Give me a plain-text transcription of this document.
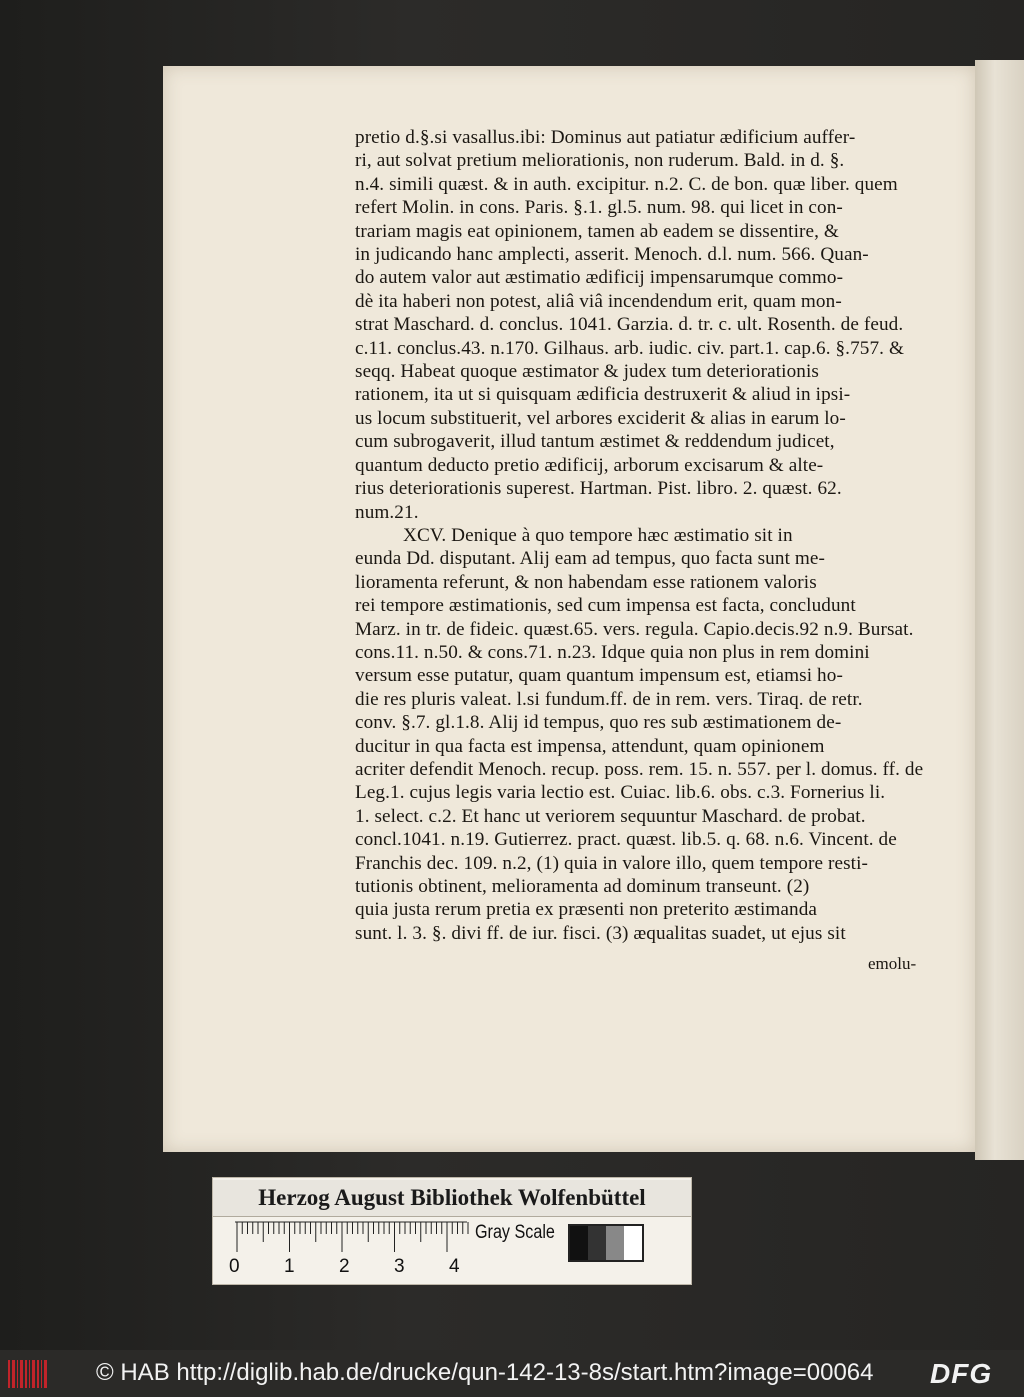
pretio d.§.si vasallus.ibi: Dominus aut patiatur ædificium auffer-
ri, aut solvat pretium meliorationis, non ruderum. Bald. in d. §.
n.4. simili quæst. & in auth. excipitur. n.2. C. de bon. quæ liber. quem
refert Molin. in cons. Paris. §.1. gl.5. num. 98. qui licet in con-
trariam magis eat opinionem, tamen ab eadem se dissentire, &
in judicando hanc amplecti, asserit. Menoch. d.l. num. 566. Quan-
do autem valor aut æstimatio ædificij impensarumque commo-
dè ita haberi non potest, aliâ viâ incendendum erit, quam mon-
strat Maschard. d. conclus. 1041. Garzia. d. tr. c. ult. Rosenth. de feud.
c.11. conclus.43. n.170. Gilhaus. arb. iudic. civ. part.1. cap.6. §.757. &
seqq. Habeat quoque æstimator & judex tum deteriorationis
rationem, ita ut si quisquam ædificia destruxerit & aliud in ipsi-
us locum substituerit, vel arbores exciderit & alias in earum lo-
cum subrogaverit, illud tantum æstimet & reddendum judicet,
quantum deducto pretio ædificij, arborum excisarum & alte-
rius deteriorationis superest. Hartman. Pist. libro. 2. quæst. 62.
num.21.
XCV. Denique à quo tempore hæc æstimatio sit in
eunda Dd. disputant. Alij eam ad tempus, quo facta sunt me-
lioramenta referunt, & non habendam esse rationem valoris
rei tempore æstimationis, sed cum impensa est facta, concludunt
Marz. in tr. de fideic. quæst.65. vers. regula. Capio.decis.92 n.9. Bursat.
cons.11. n.50. & cons.71. n.23. Idque quia non plus in rem domini
versum esse putatur, quam quantum impensum est, etiamsi ho-
die res pluris valeat. l.si fundum.ff. de in rem. vers. Tiraq. de retr.
conv. §.7. gl.1.8. Alij id tempus, quo res sub æstimationem de-
ducitur in qua facta est impensa, attendunt, quam opinionem
acriter defendit Menoch. recup. poss. rem. 15. n. 557. per l. domus. ff. de
Leg.1. cujus legis varia lectio est. Cuiac. lib.6. obs. c.3. Fornerius li.
1. select. c.2. Et hanc ut veriorem sequuntur Maschard. de probat.
concl.1041. n.19. Gutierrez. pract. quæst. lib.5. q. 68. n.6. Vincent. de
Franchis dec. 109. n.2, (1) quia in valore illo, quem tempore resti-
tutionis obtinent, melioramenta ad dominum transeunt. (2)
quia justa rerum pretia ex præsenti non preterito æstimanda
sunt. l. 3. §. divi ff. de iur. fisci. (3) æqualitas suadet, ut ejus sit
emolu-
Herzog August Bibliothek Wolfenbüttel
0 1 2 3 4
Gray Scale
© HAB http://diglib.hab.de/drucke/qun-142-13-8s/start.htm?image=00064 DFG
